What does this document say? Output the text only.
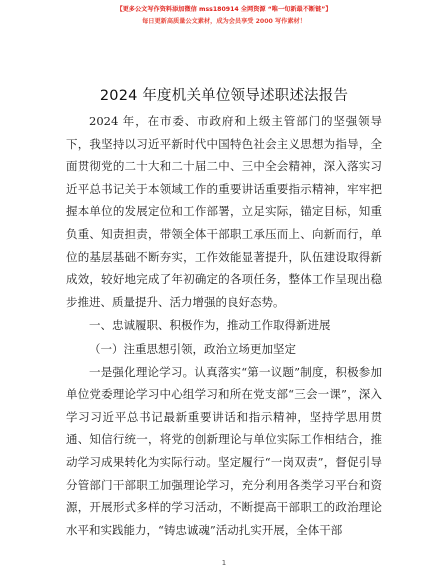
【更多公文写作资料添加微信 mss180914 全网资源 “唯一旬新最不断链”】
每日更新高质量公文素材，成为会员享受 2000 写作素材！
2024 年度机关单位领导述职述法报告

2024 年，在市委、市政府和上级主管部门的坚强领导下，我坚持以习近平新时代中国特色社会主义思想为指导，全面贯彻党的二十大和二十届二中、三中全会精神，深入落实习近平总书记关于本领域工作的重要讲话重要指示精神，牢牢把握本单位的发展定位和工作部署，立足实际，锚定目标，知重负重、知责担责，带领全体干部职工承压而上、向新而行，单位的基层基础不断夯实，工作效能显著提升，队伍建设取得新成效，较好地完成了年初确定的各项任务，整体工作呈现出稳步推进、质量提升、活力增强的良好态势。

一、忠诚履职、积极作为，推动工作取得新进展

（一）注重思想引领，政治立场更加坚定

一是强化理论学习。认真落实“第一议题”制度，积极参加单位党委理论学习中心组学习和所在党支部“三会一课”，深入学习习近平总书记最新重要讲话和指示精神，坚持学思用贯通、知信行统一，将党的创新理论与单位实际工作相结合，推动学习成果转化为实际行动。坚定履行“一岗双责”，督促引导分管部门干部职工加强理论学习，充分利用各类学习平台和资源，开展形式多样的学习活动，不断提高干部职工的政治理论水平和实践能力，“铸忠诚魂”活动扎实开展，全体干部

1
